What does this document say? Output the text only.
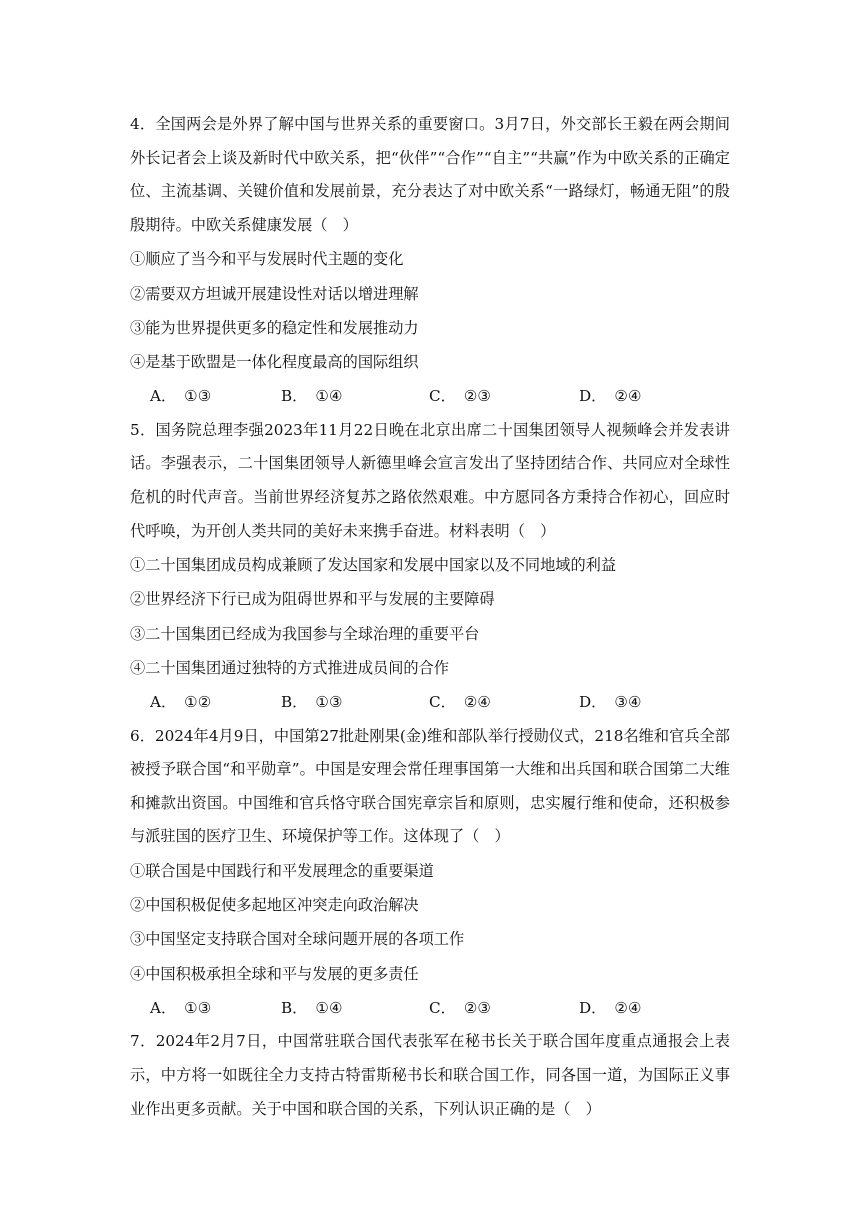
4．全国两会是外界了解中国与世界关系的重要窗口。3月7日，外交部长王毅在两会期间外长记者会上谈及新时代中欧关系，把“伙伴”“合作”“自主”“共赢”作为中欧关系的正确定位、主流基调、关键价值和发展前景，充分表达了对中欧关系“一路绿灯，畅通无阻”的殷殷期待。中欧关系健康发展（　）

①顺应了当今和平与发展时代主题的变化

②需要双方坦诚开展建设性对话以增进理解

③能为世界提供更多的稳定性和发展推动力

④是基于欧盟是一体化程度最高的国际组织

A． ①③	B． ①④	C． ②③	D． ②④

5．国务院总理李强2023年11月22日晚在北京出席二十国集团领导人视频峰会并发表讲话。李强表示，二十国集团领导人新德里峰会宣言发出了坚持团结合作、共同应对全球性危机的时代声音。当前世界经济复苏之路依然艰难。中方愿同各方秉持合作初心，回应时代呼唤，为开创人类共同的美好未来携手奋进。材料表明（　）

①二十国集团成员构成兼顾了发达国家和发展中国家以及不同地域的利益

②世界经济下行已成为阻碍世界和平与发展的主要障碍

③二十国集团已经成为我国参与全球治理的重要平台

④二十国集团通过独特的方式推进成员间的合作

A． ①②	B． ①③	C． ②④	D． ③④

6．2024年4月9日，中国第27批赴刚果(金)维和部队举行授勋仪式，218名维和官兵全部被授予联合国“和平勋章”。中国是安理会常任理事国第一大维和出兵国和联合国第二大维和摊款出资国。中国维和官兵恪守联合国宪章宗旨和原则，忠实履行维和使命，还积极参与派驻国的医疗卫生、环境保护等工作。这体现了（　）

①联合国是中国践行和平发展理念的重要渠道

②中国积极促使多起地区冲突走向政治解决

③中国坚定支持联合国对全球问题开展的各项工作

④中国积极承担全球和平与发展的更多责任

A． ①③	B． ①④	C． ②③	D． ②④

7．2024年2月7日，中国常驻联合国代表张军在秘书长关于联合国年度重点通报会上表示，中方将一如既往全力支持古特雷斯秘书长和联合国工作，同各国一道，为国际正义事业作出更多贡献。关于中国和联合国的关系，下列认识正确的是（　）
